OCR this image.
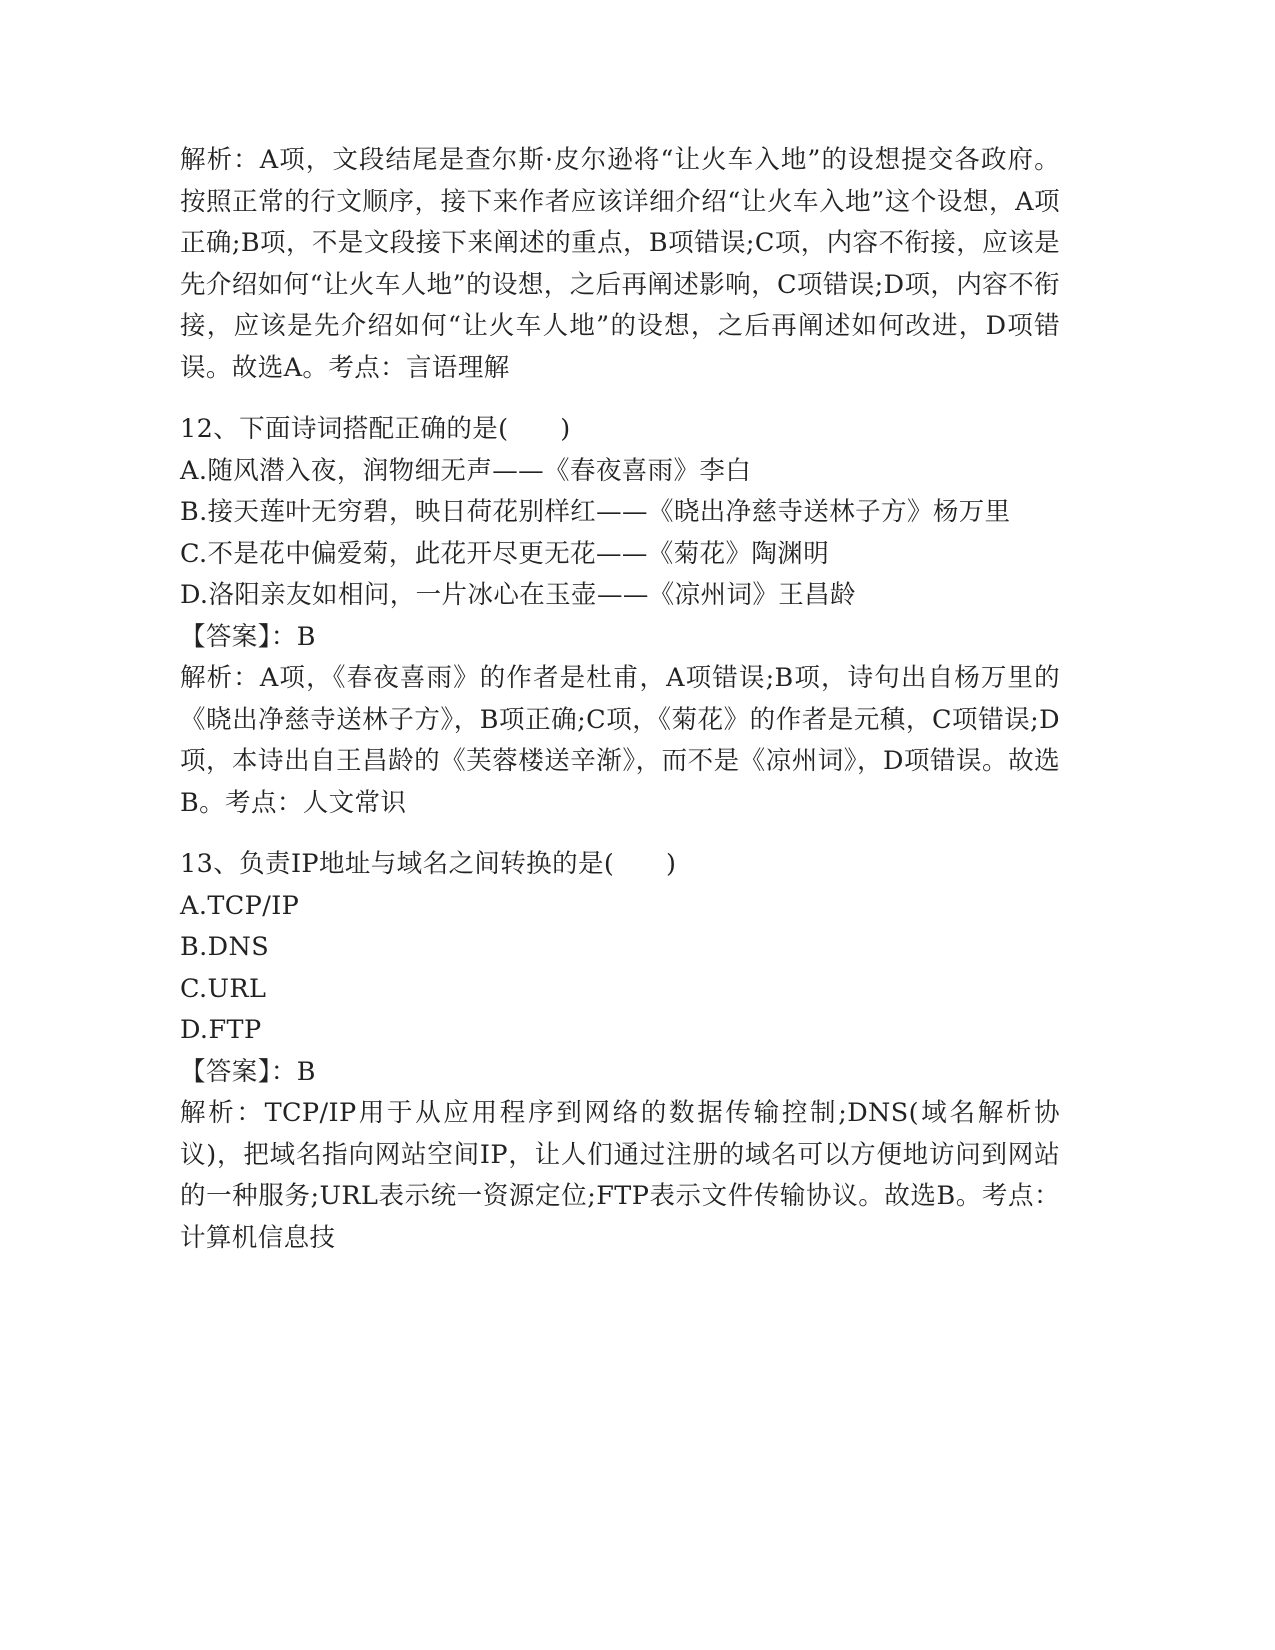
解析：A项，文段结尾是查尔斯·皮尔逊将“让火车入地”的设想提交各政府。按照正常的行文顺序，接下来作者应该详细介绍“让火车入地”这个设想，A项正确;B项，不是文段接下来阐述的重点，B项错误;C项，内容不衔接，应该是先介绍如何“让火车人地”的设想，之后再阐述影响，C项错误;D项，内容不衔接，应该是先介绍如何“让火车人地”的设想，之后再阐述如何改进，D项错误。故选A。考点：言语理解

12、下面诗词搭配正确的是(　　)

A.随风潜入夜，润物细无声——《春夜喜雨》李白

B.接天莲叶无穷碧，映日荷花别样红——《晓出净慈寺送林子方》杨万里

C.不是花中偏爱菊，此花开尽更无花——《菊花》陶渊明

D.洛阳亲友如相问，一片冰心在玉壶——《凉州词》王昌龄

【答案】：B

解析：A项，《春夜喜雨》的作者是杜甫，A项错误;B项，诗句出自杨万里的《晓出净慈寺送林子方》，B项正确;C项，《菊花》的作者是元稹，C项错误;D项，本诗出自王昌龄的《芙蓉楼送辛渐》，而不是《凉州词》，D项错误。故选B。考点：人文常识

13、负责IP地址与域名之间转换的是(　　)

A.TCP/IP

B.DNS

C.URL

D.FTP

【答案】：B

解析：TCP/IP用于从应用程序到网络的数据传输控制;DNS(域名解析协议)，把域名指向网站空间IP，让人们通过注册的域名可以方便地访问到网站的一种服务;URL表示统一资源定位;FTP表示文件传输协议。故选B。考点：计算机信息技
